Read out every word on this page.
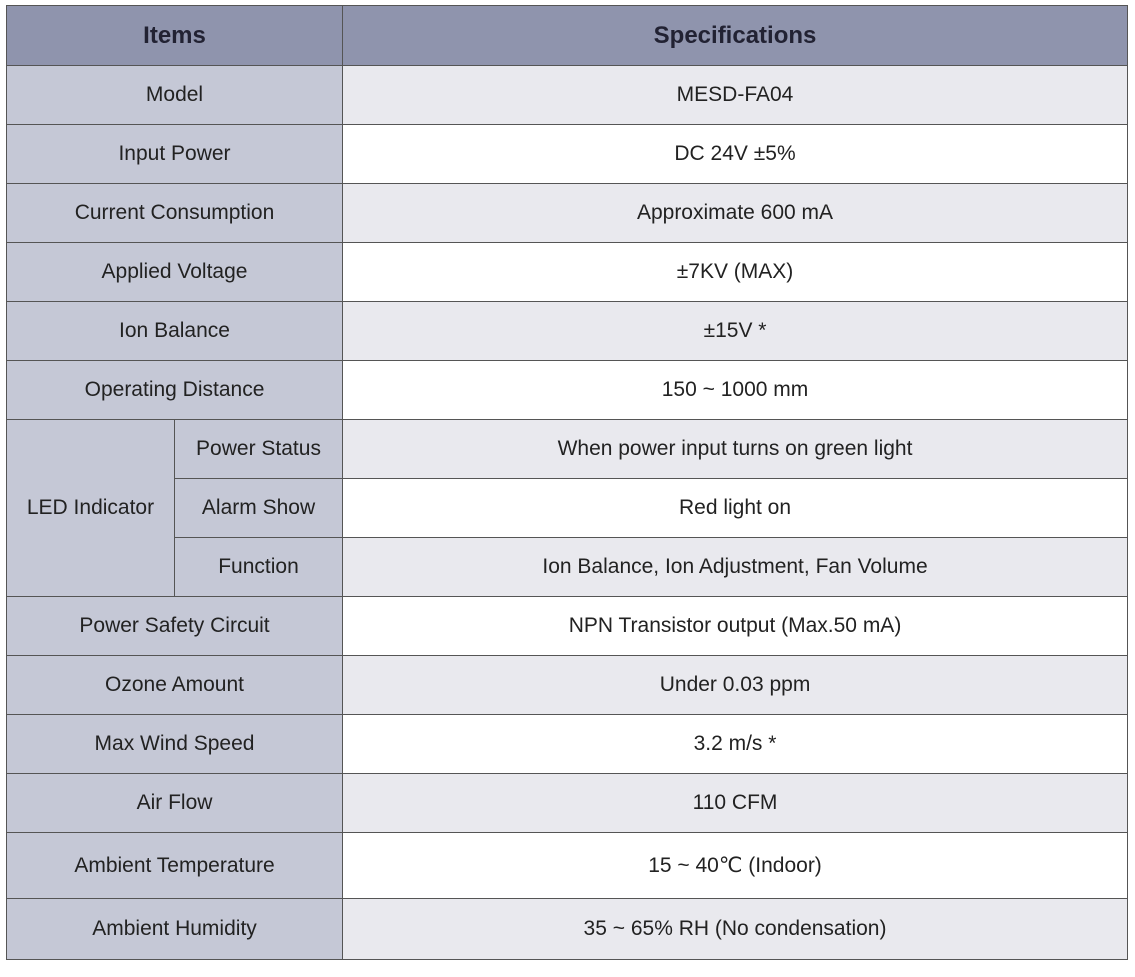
Items		Specifications
Model		MESD-FA04
Input Power		DC 24V ±5%
Current Consumption		Approximate 600 mA
Applied Voltage		±7KV (MAX)
Ion Balance		±15V *
Operating Distance		150 ~ 1000 mm
LED Indicator	Power Status	When power input turns on green light
	Alarm Show	Red light on
	Function	Ion Balance, Ion Adjustment, Fan Volume
Power Safety Circuit		NPN Transistor output (Max.50 mA)
Ozone Amount		Under 0.03 ppm
Max Wind Speed		3.2 m/s *
Air Flow		110 CFM
Ambient Temperature		15 ~ 40℃ (Indoor)
Ambient Humidity		35 ~ 65% RH (No condensation)
